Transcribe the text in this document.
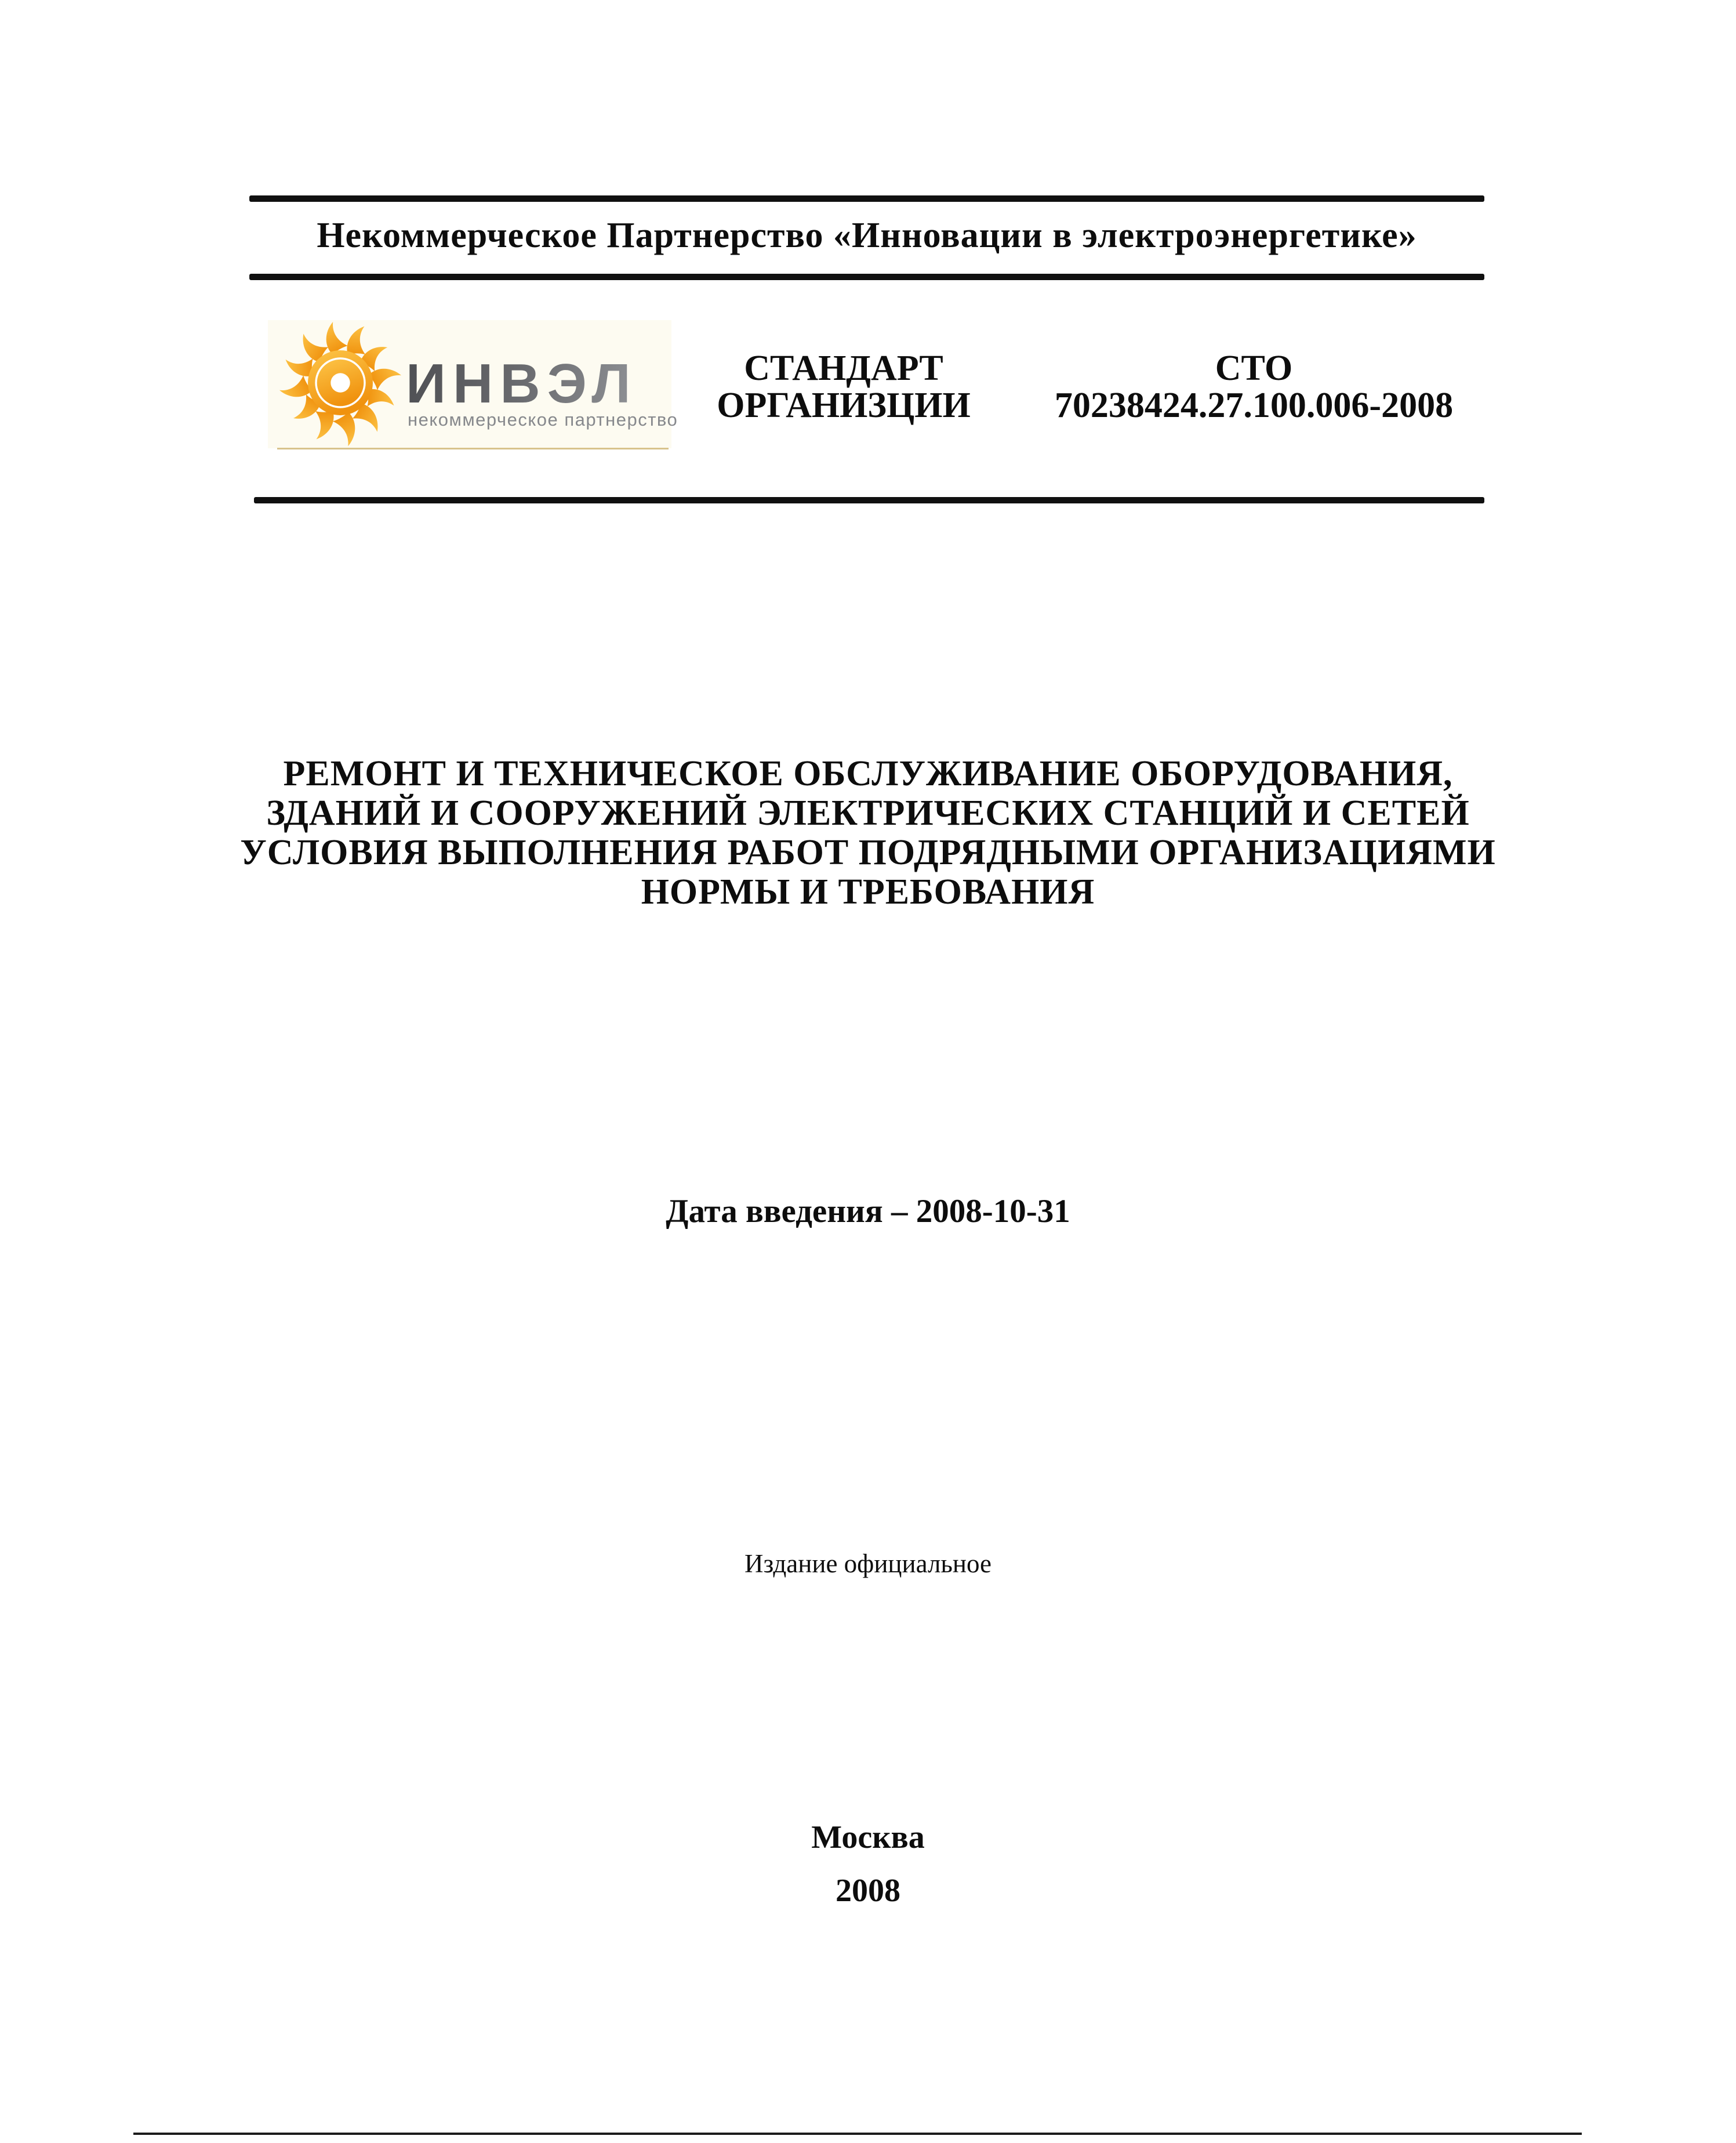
Некоммерческое Партнерство «Инновации в электроэнергетике»
ИНВЭЛ
некоммерческое партнерство
СТАНДАРТ
ОРГАНИЗЦИИ
СТО
70238424.27.100.006-2008
РЕМОНТ И ТЕХНИЧЕСКОЕ ОБСЛУЖИВАНИЕ ОБОРУДОВАНИЯ,
ЗДАНИЙ И СООРУЖЕНИЙ ЭЛЕКТРИЧЕСКИХ СТАНЦИЙ И СЕТЕЙ
УСЛОВИЯ ВЫПОЛНЕНИЯ РАБОТ ПОДРЯДНЫМИ ОРГАНИЗАЦИЯМИ
НОРМЫ И ТРЕБОВАНИЯ
Дата введения – 2008-10-31
Издание официальное
Москва
2008
